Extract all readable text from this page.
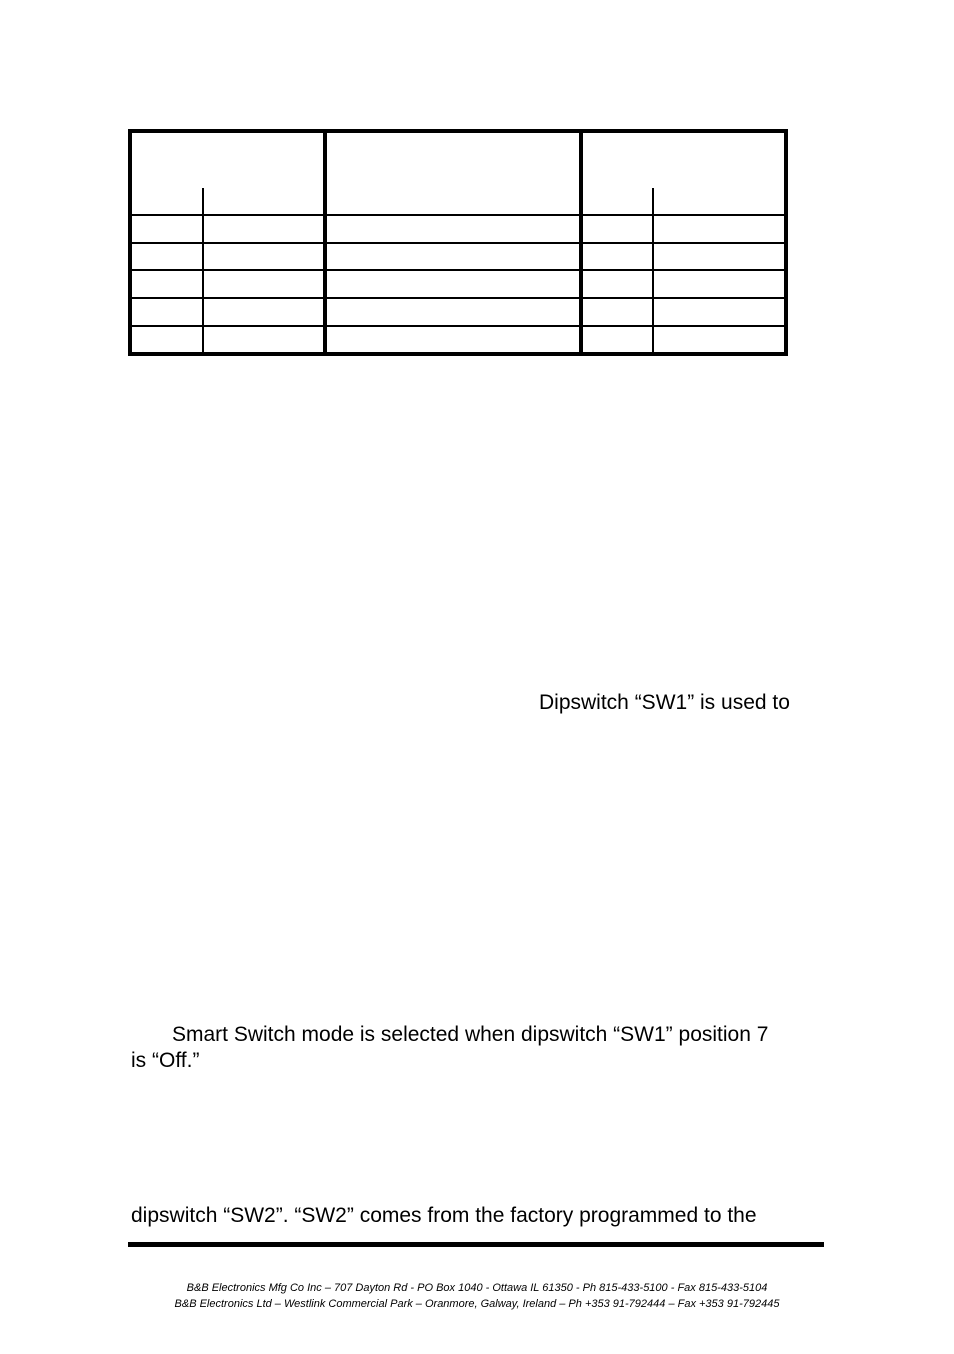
Dipswitch “SW1” is used to
Smart Switch mode is selected when dipswitch “SW1” position 7
is “Off.”
dipswitch “SW2”. “SW2” comes from the factory programmed to the
B&B Electronics Mfg Co Inc – 707 Dayton Rd - PO Box 1040 - Ottawa IL 61350 - Ph 815-433-5100 - Fax 815-433-5104
B&B Electronics Ltd – Westlink Commercial Park – Oranmore, Galway, Ireland – Ph +353 91-792444 – Fax +353 91-792445
